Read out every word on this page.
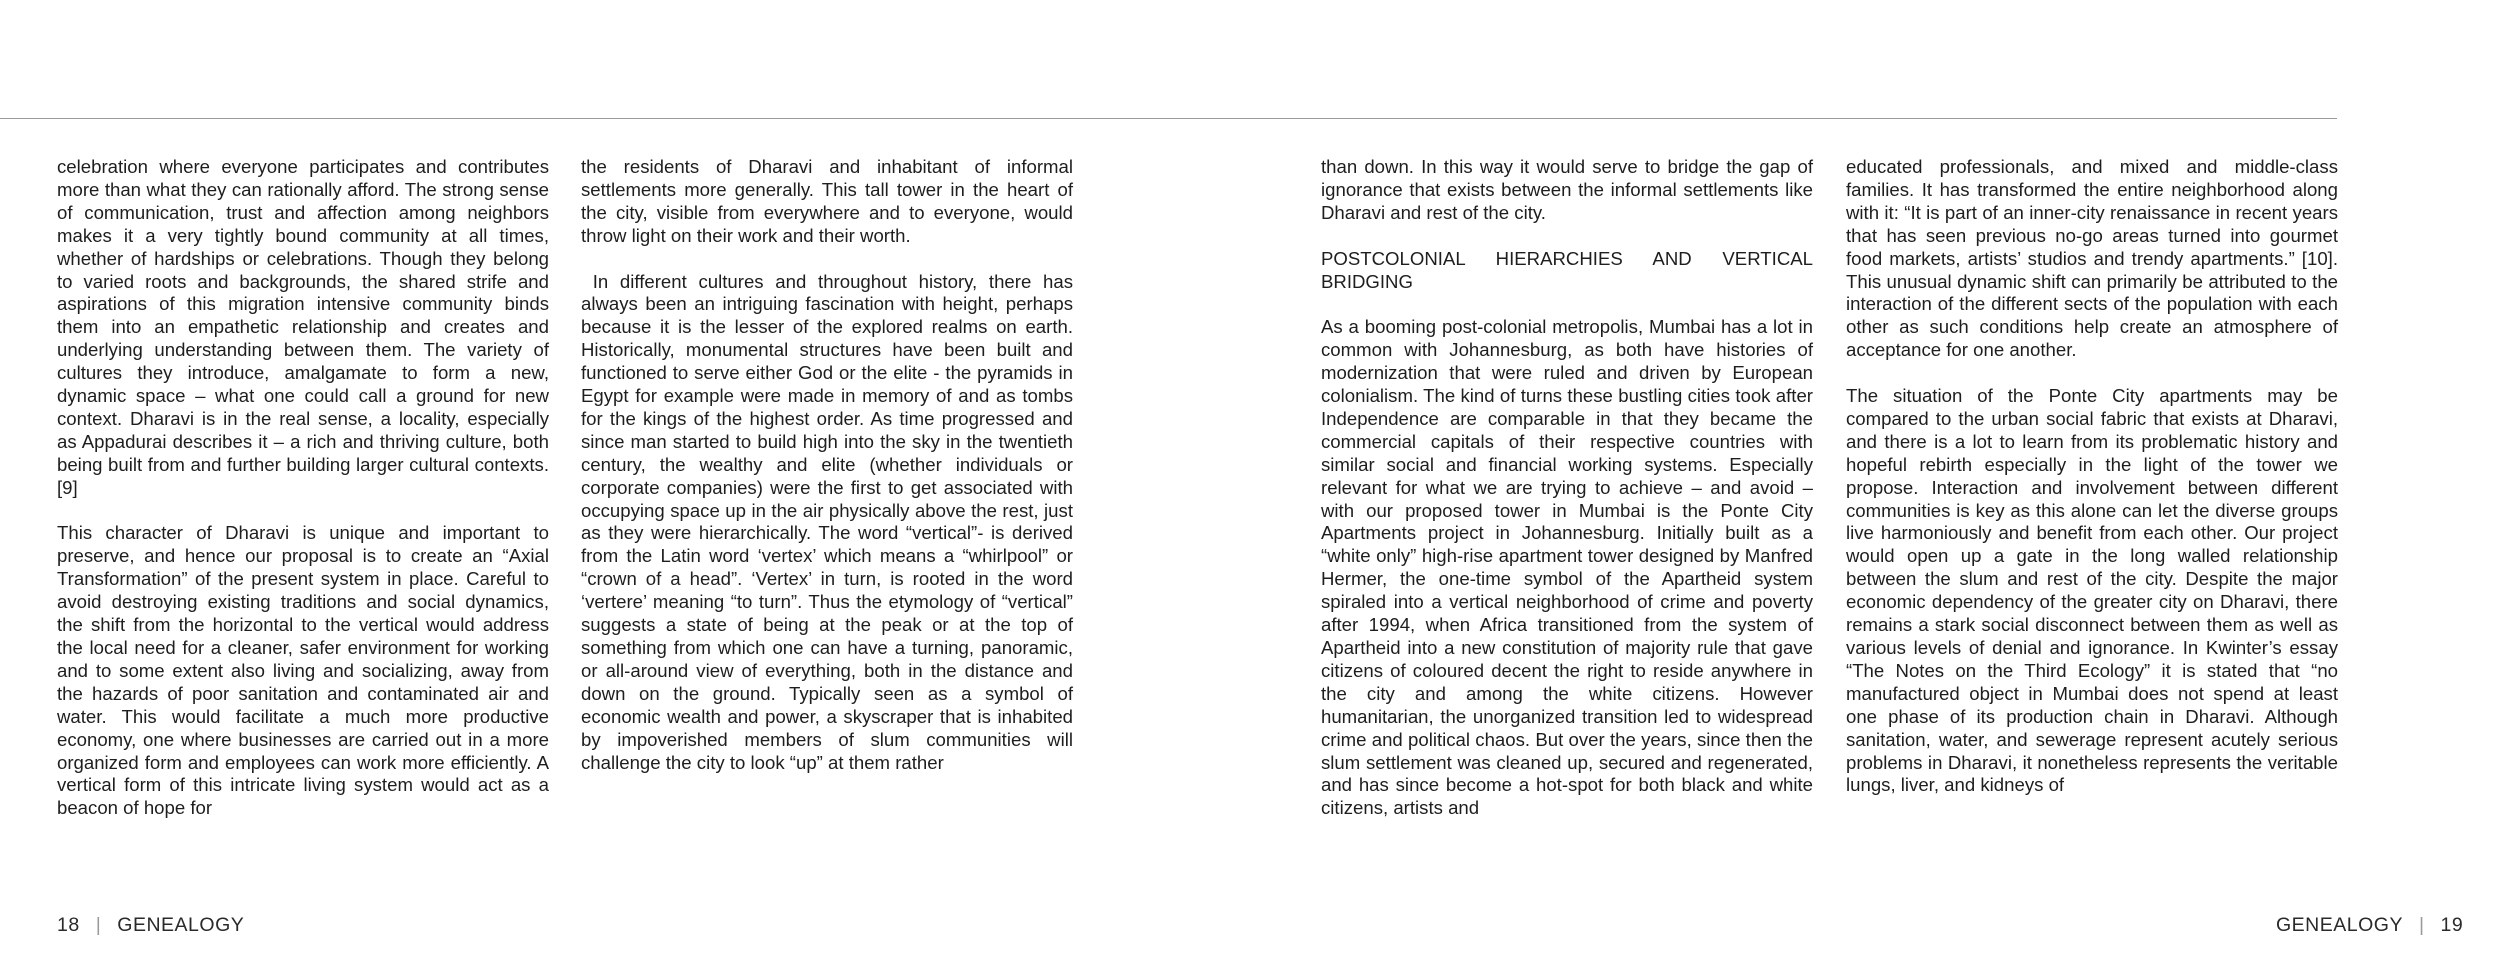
celebration where everyone participates and contributes more than what they can rationally afford. The strong sense of communication, trust and affection among neighbors makes it a very tightly bound community at all times, whether of hardships or celebrations. Though they belong to varied roots and backgrounds, the shared strife and aspirations of this migration intensive community binds them into an empathetic relationship and creates and underlying understanding between them. The variety of cultures they introduce, amalgamate to form a new, dynamic space – what one could call a ground for new context. Dharavi is in the real sense, a locality, especially as Appadurai describes it – a rich and thriving culture, both being built from and further building larger cultural contexts. [9]

This character of Dharavi is unique and important to preserve, and hence our proposal is to create an “Axial Transformation” of the present system in place. Careful to avoid destroying existing traditions and social dynamics, the shift from the horizontal to the vertical would address the local need for a cleaner, safer environment for working and to some extent also living and socializing, away from the hazards of poor sanitation and contaminated air and water. This would facilitate a much more productive economy, one where businesses are carried out in a more organized form and employees can work more efficiently. A vertical form of this intricate living system would act as a beacon of hope for

the residents of Dharavi and inhabitant of informal settlements more generally. This tall tower in the heart of the city, visible from everywhere and to everyone, would throw light on their work and their worth.

In different cultures and throughout history, there has always been an intriguing fascination with height, perhaps because it is the lesser of the explored realms on earth. Historically, monumental structures have been built and functioned to serve either God or the elite - the pyramids in Egypt for example were made in memory of and as tombs for the kings of the highest order. As time progressed and since man started to build high into the sky in the twentieth century, the wealthy and elite (whether individuals or corporate companies) were the first to get associated with occupying space up in the air physically above the rest, just as they were hierarchically. The word “vertical”- is derived from the Latin word ‘vertex’ which means a “whirlpool” or “crown of a head”. ‘Vertex’ in turn, is rooted in the word ‘vertere’ meaning “to turn”. Thus the etymology of “vertical” suggests a state of being at the peak or at the top of something from which one can have a turning, panoramic, or all-around view of everything, both in the distance and down on the ground. Typically seen as a symbol of economic wealth and power, a skyscraper that is inhabited by impoverished members of slum communities will challenge the city to look “up” at them rather

than down. In this way it would serve to bridge the gap of ignorance that exists between the informal settlements like Dharavi and rest of the city.

POSTCOLONIAL HIERARCHIES AND VERTICAL BRIDGING

As a booming post-colonial metropolis, Mumbai has a lot in common with Johannesburg, as both have histories of modernization that were ruled and driven by European colonialism. The kind of turns these bustling cities took after Independence are comparable in that they became the commercial capitals of their respective countries with similar social and financial working systems. Especially relevant for what we are trying to achieve – and avoid – with our proposed tower in Mumbai is the Ponte City Apartments project in Johannesburg. Initially built as a “white only” high-rise apartment tower designed by Manfred Hermer, the one-time symbol of the Apartheid system spiraled into a vertical neighborhood of crime and poverty after 1994, when Africa transitioned from the system of Apartheid into a new constitution of majority rule that gave citizens of coloured decent the right to reside anywhere in the city and among the white citizens. However humanitarian, the unorganized transition led to widespread crime and political chaos. But over the years, since then the slum settlement was cleaned up, secured and regenerated, and has since become a hot-spot for both black and white citizens, artists and

educated professionals, and mixed and middle-class families. It has transformed the entire neighborhood along with it: “It is part of an inner-city renaissance in recent years that has seen previous no-go areas turned into gourmet food markets, artists’ studios and trendy apartments.” [10]. This unusual dynamic shift can primarily be attributed to the interaction of the different sects of the population with each other as such conditions help create an atmosphere of acceptance for one another.

The situation of the Ponte City apartments may be compared to the urban social fabric that exists at Dharavi, and there is a lot to learn from its problematic history and hopeful rebirth especially in the light of the tower we propose. Interaction and involvement between different communities is key as this alone can let the diverse groups live harmoniously and benefit from each other. Our project would open up a gate in the long walled relationship between the slum and rest of the city. Despite the major economic dependency of the greater city on Dharavi, there remains a stark social disconnect between them as well as various levels of denial and ignorance. In Kwinter’s essay “The Notes on the Third Ecology” it is stated that “no manufactured object in Mumbai does not spend at least one phase of its production chain in Dharavi. Although sanitation, water, and sewerage represent acutely serious problems in Dharavi, it nonetheless represents the veritable lungs, liver, and kidneys of

18 | GENEALOGY	GENEALOGY | 19
